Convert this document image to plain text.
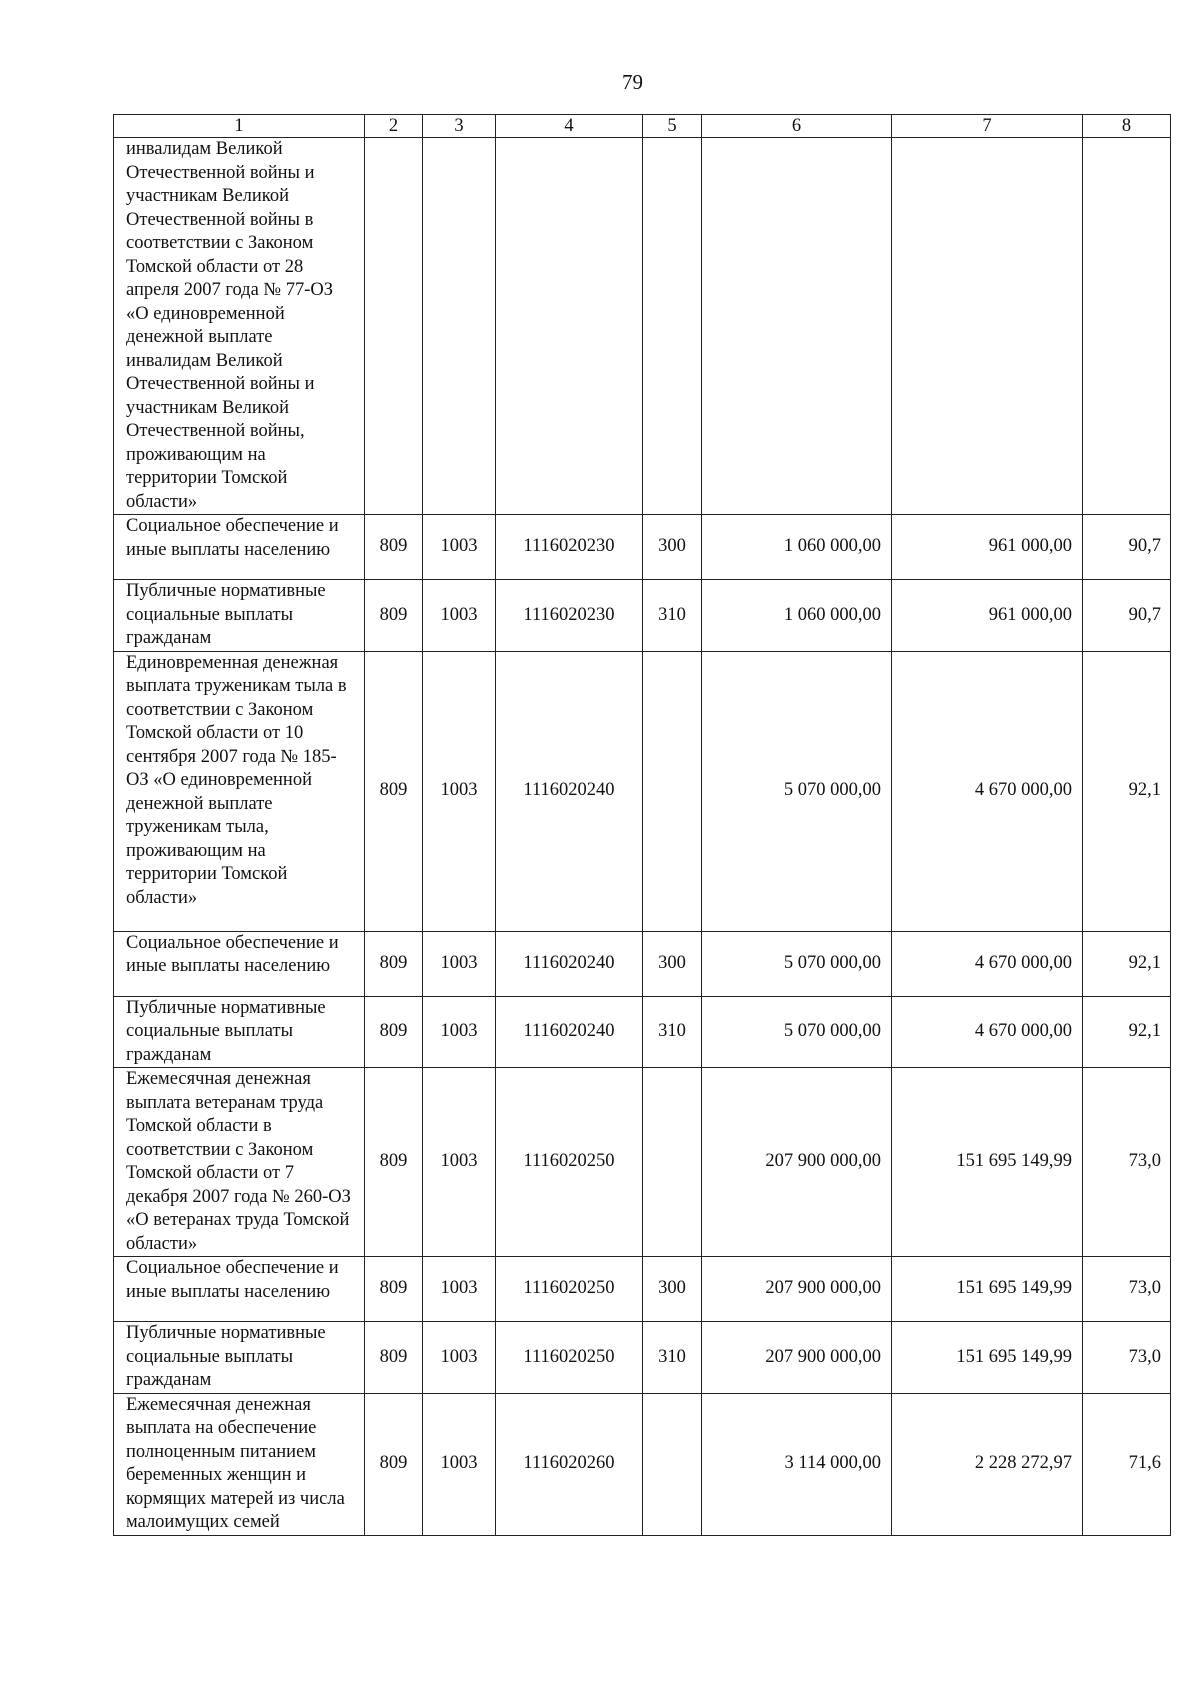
79
1	2	3	4	5	6	7	8
инвалидам Великой Отечественной войны и участникам Великой Отечественной войны в соответствии с Законом Томской области от 28 апреля 2007 года № 77-ОЗ «О единовременной денежной выплате инвалидам Великой Отечественной войны и участникам Великой Отечественной войны, проживающим на территории Томской области»							
Социальное обеспечение и иные выплаты населению	809	1003	1116020230	300	1 060 000,00	961 000,00	90,7
Публичные нормативные социальные выплаты гражданам	809	1003	1116020230	310	1 060 000,00	961 000,00	90,7
Единовременная денежная выплата труженикам тыла в соответствии с Законом Томской области от 10 сентября 2007 года № 185-ОЗ «О единовременной денежной выплате труженикам тыла, проживающим на территории Томской области»	809	1003	1116020240		5 070 000,00	4 670 000,00	92,1
Социальное обеспечение и иные выплаты населению	809	1003	1116020240	300	5 070 000,00	4 670 000,00	92,1
Публичные нормативные социальные выплаты гражданам	809	1003	1116020240	310	5 070 000,00	4 670 000,00	92,1
Ежемесячная денежная выплата ветеранам труда Томской области в соответствии с Законом Томской области от 7 декабря 2007 года № 260-ОЗ «О ветеранах труда Томской области»	809	1003	1116020250		207 900 000,00	151 695 149,99	73,0
Социальное обеспечение и иные выплаты населению	809	1003	1116020250	300	207 900 000,00	151 695 149,99	73,0
Публичные нормативные социальные выплаты гражданам	809	1003	1116020250	310	207 900 000,00	151 695 149,99	73,0
Ежемесячная денежная выплата на обеспечение полноценным питанием беременных женщин и кормящих матерей из числа малоимущих семей	809	1003	1116020260		3 114 000,00	2 228 272,97	71,6
